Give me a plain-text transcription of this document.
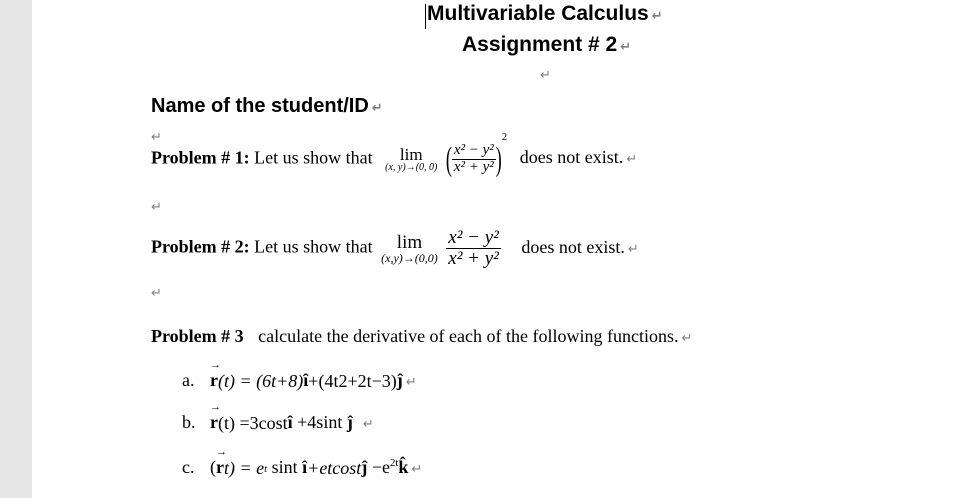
Multivariable Calculus ↵
Assignment # 2 ↵
↵
Name of the student/ID ↵
↵
Problem # 1: Let us show that lim
(x, y)→(0, 0) ( $\frac{\text{x² − y²}}{\text{x² + y²}} )^2$ does not exist. ↵
↵
Problem # 2: Let us show that lim
(x,y)→(0,0)
$\frac{\text{x² − y²}}{\text{x² + y²}}$ does not exist. ↵
↵
Problem # 3 calculate the derivative of each of the following functions. ↵
a. → r(t) = (6t+8)î+(4t2+2t−3)ĵ ↵
b. → r(t) =3costî +4sint ĵ ↵
c. (→ rt) = et sint î+etcostĵ $-e^{2t}k̂$ ↵
